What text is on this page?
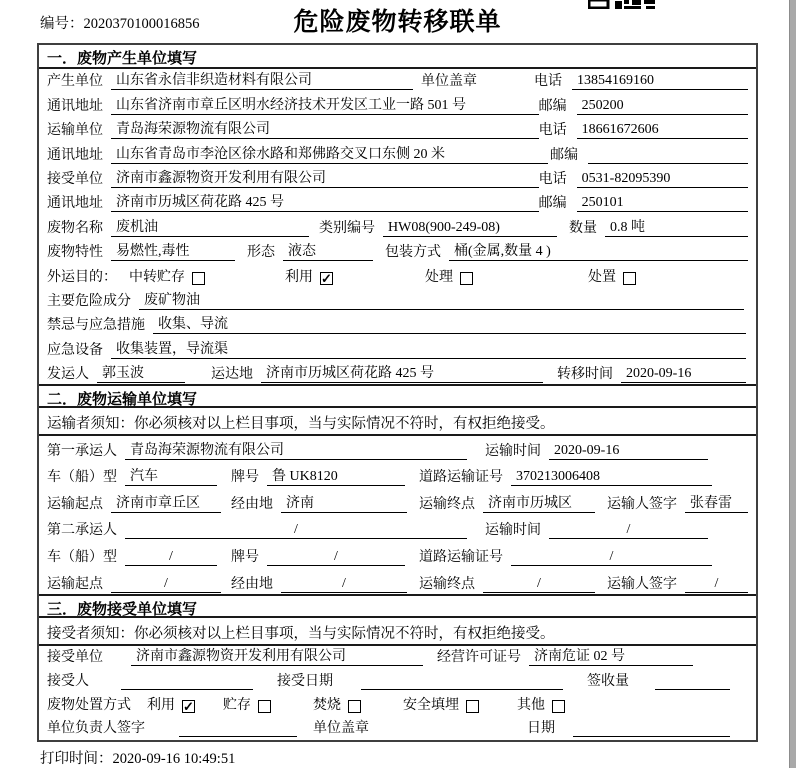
编号：2020370100016856	危险废物转移联单
一．废物产生单位填写
产生单位 山东省永信非织造材料有限公司	单位盖章	电话	13854169160
通讯地址 山东省济南市章丘区明水经济技术开发区工业一路 501 号	邮编	250200
运输单位 青岛海荣源物流有限公司	电话	18661672606
通讯地址 山东省青岛市李沧区徐水路和郑佛路交叉口东侧 20 米	邮编
接受单位 济南市鑫源物资开发利用有限公司	电话	0531-82095390
通讯地址 济南市历城区荷花路 425 号	邮编	250101
废物名称 废机油	类别编号 HW08(900-249-08)	数量 0.8 吨
废物特性 易燃性,毒性	形态 液态	包装方式 桶(金属,数量 4 )
外运目的： 中转贮存	利用 ✓	处理	处置
主要危险成分 废矿物油
禁忌与应急措施 收集、导流
应急设备 收集装置，导流渠
发运人 郭玉波	运达地 济南市历城区荷花路 425 号	转移时间 2020-09-16
二．废物运输单位填写
运输者须知：你必须核对以上栏目事项，当与实际情况不符时，有权拒绝接受。
第一承运人 青岛海荣源物流有限公司	运输时间 2020-09-16
车（船）型 汽车	牌号 鲁 UK8120	道路运输证号 370213006408
运输起点 济南市章丘区	经由地 济南	运输终点 济南市历城区	运输人签字 张春雷
第二承运人	/	运输时间	/
车（船）型	/	牌号	/	道路运输证号	/
运输起点	/	经由地	/	运输终点	/	运输人签字	/
三．废物接受单位填写
接受者须知：你必须核对以上栏目事项，当与实际情况不符时，有权拒绝接受。
接受单位	济南市鑫源物资开发利用有限公司	经营许可证号 济南危证 02 号
接受人	接受日期	签收量
废物处置方式 利用 ✓ 贮存	焚烧	安全填埋	其他
单位负责人签字	单位盖章	日期
打印时间：2020-09-16 10:49:51
